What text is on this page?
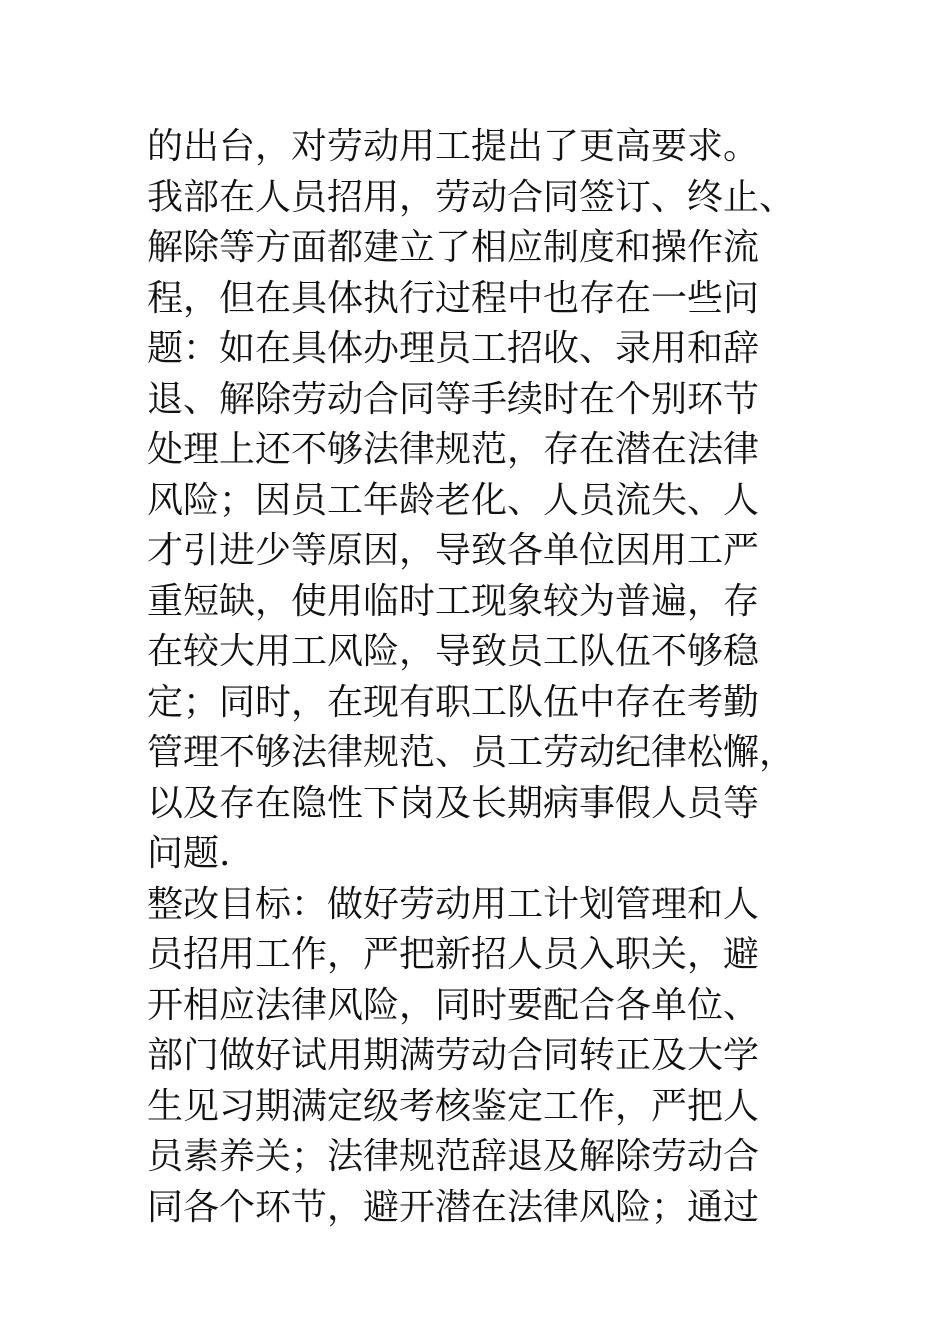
的出台，对劳动用工提出了更高要求。
我部在人员招用，劳动合同签订、终止、
解除等方面都建立了相应制度和操作流
程，但在具体执行过程中也存在一些问
题：如在具体办理员工招收、录用和辞
退、解除劳动合同等手续时在个别环节
处理上还不够法律规范，存在潜在法律
风险；因员工年龄老化、人员流失、人
才引进少等原因，导致各单位因用工严
重短缺，使用临时工现象较为普遍，存
在较大用工风险，导致员工队伍不够稳
定；同时，在现有职工队伍中存在考勤
管理不够法律规范、员工劳动纪律松懈，
以及存在隐性下岗及长期病事假人员等
问题.
整改目标：做好劳动用工计划管理和人
员招用工作，严把新招人员入职关，避
开相应法律风险，同时要配合各单位、
部门做好试用期满劳动合同转正及大学
生见习期满定级考核鉴定工作，严把人
员素养关；法律规范辞退及解除劳动合
同各个环节，避开潜在法律风险；通过
